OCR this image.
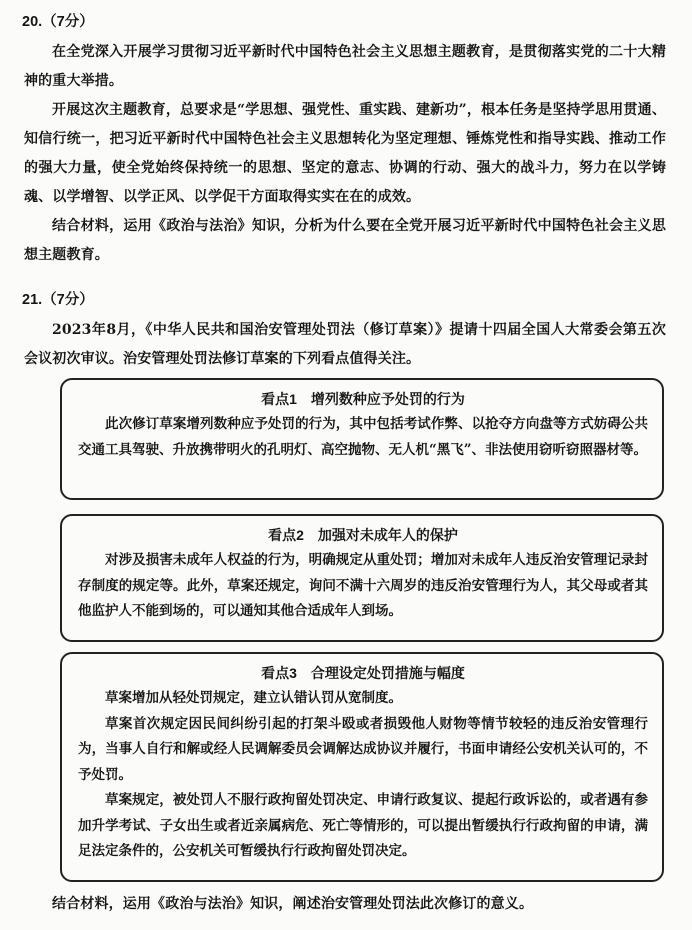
20.（7分）

在全党深入开展学习贯彻习近平新时代中国特色社会主义思想主题教育，是贯彻落实党的二十大精神的重大举措。

开展这次主题教育，总要求是“学思想、强党性、重实践、建新功”，根本任务是坚持学思用贯通、知信行统一，把习近平新时代中国特色社会主义思想转化为坚定理想、锤炼党性和指导实践、推动工作的强大力量，使全党始终保持统一的思想、坚定的意志、协调的行动、强大的战斗力，努力在以学铸魂、以学增智、以学正风、以学促干方面取得实实在在的成效。

结合材料，运用《政治与法治》知识，分析为什么要在全党开展习近平新时代中国特色社会主义思想主题教育。

21.（7分）

2023年8月，《中华人民共和国治安管理处罚法（修订草案）》提请十四届全国人大常委会第五次会议初次审议。治安管理处罚法修订草案的下列看点值得关注。

看点1　增列数种应予处罚的行为

此次修订草案增列数种应予处罚的行为，其中包括考试作弊、以抢夺方向盘等方式妨碍公共交通工具驾驶、升放携带明火的孔明灯、高空抛物、无人机“黑飞”、非法使用窃听窃照器材等。

看点2　加强对未成年人的保护

对涉及损害未成年人权益的行为，明确规定从重处罚；增加对未成年人违反治安管理记录封存制度的规定等。此外，草案还规定，询问不满十六周岁的违反治安管理行为人，其父母或者其他监护人不能到场的，可以通知其他合适成年人到场。

看点3　合理设定处罚措施与幅度

草案增加从轻处罚规定，建立认错认罚从宽制度。

草案首次规定因民间纠纷引起的打架斗殴或者损毁他人财物等情节较轻的违反治安管理行为，当事人自行和解或经人民调解委员会调解达成协议并履行，书面申请经公安机关认可的，不予处罚。

草案规定，被处罚人不服行政拘留处罚决定、申请行政复议、提起行政诉讼的，或者遇有参加升学考试、子女出生或者近亲属病危、死亡等情形的，可以提出暂缓执行行政拘留的申请，满足法定条件的，公安机关可暂缓执行行政拘留处罚决定。

结合材料，运用《政治与法治》知识，阐述治安管理处罚法此次修订的意义。
